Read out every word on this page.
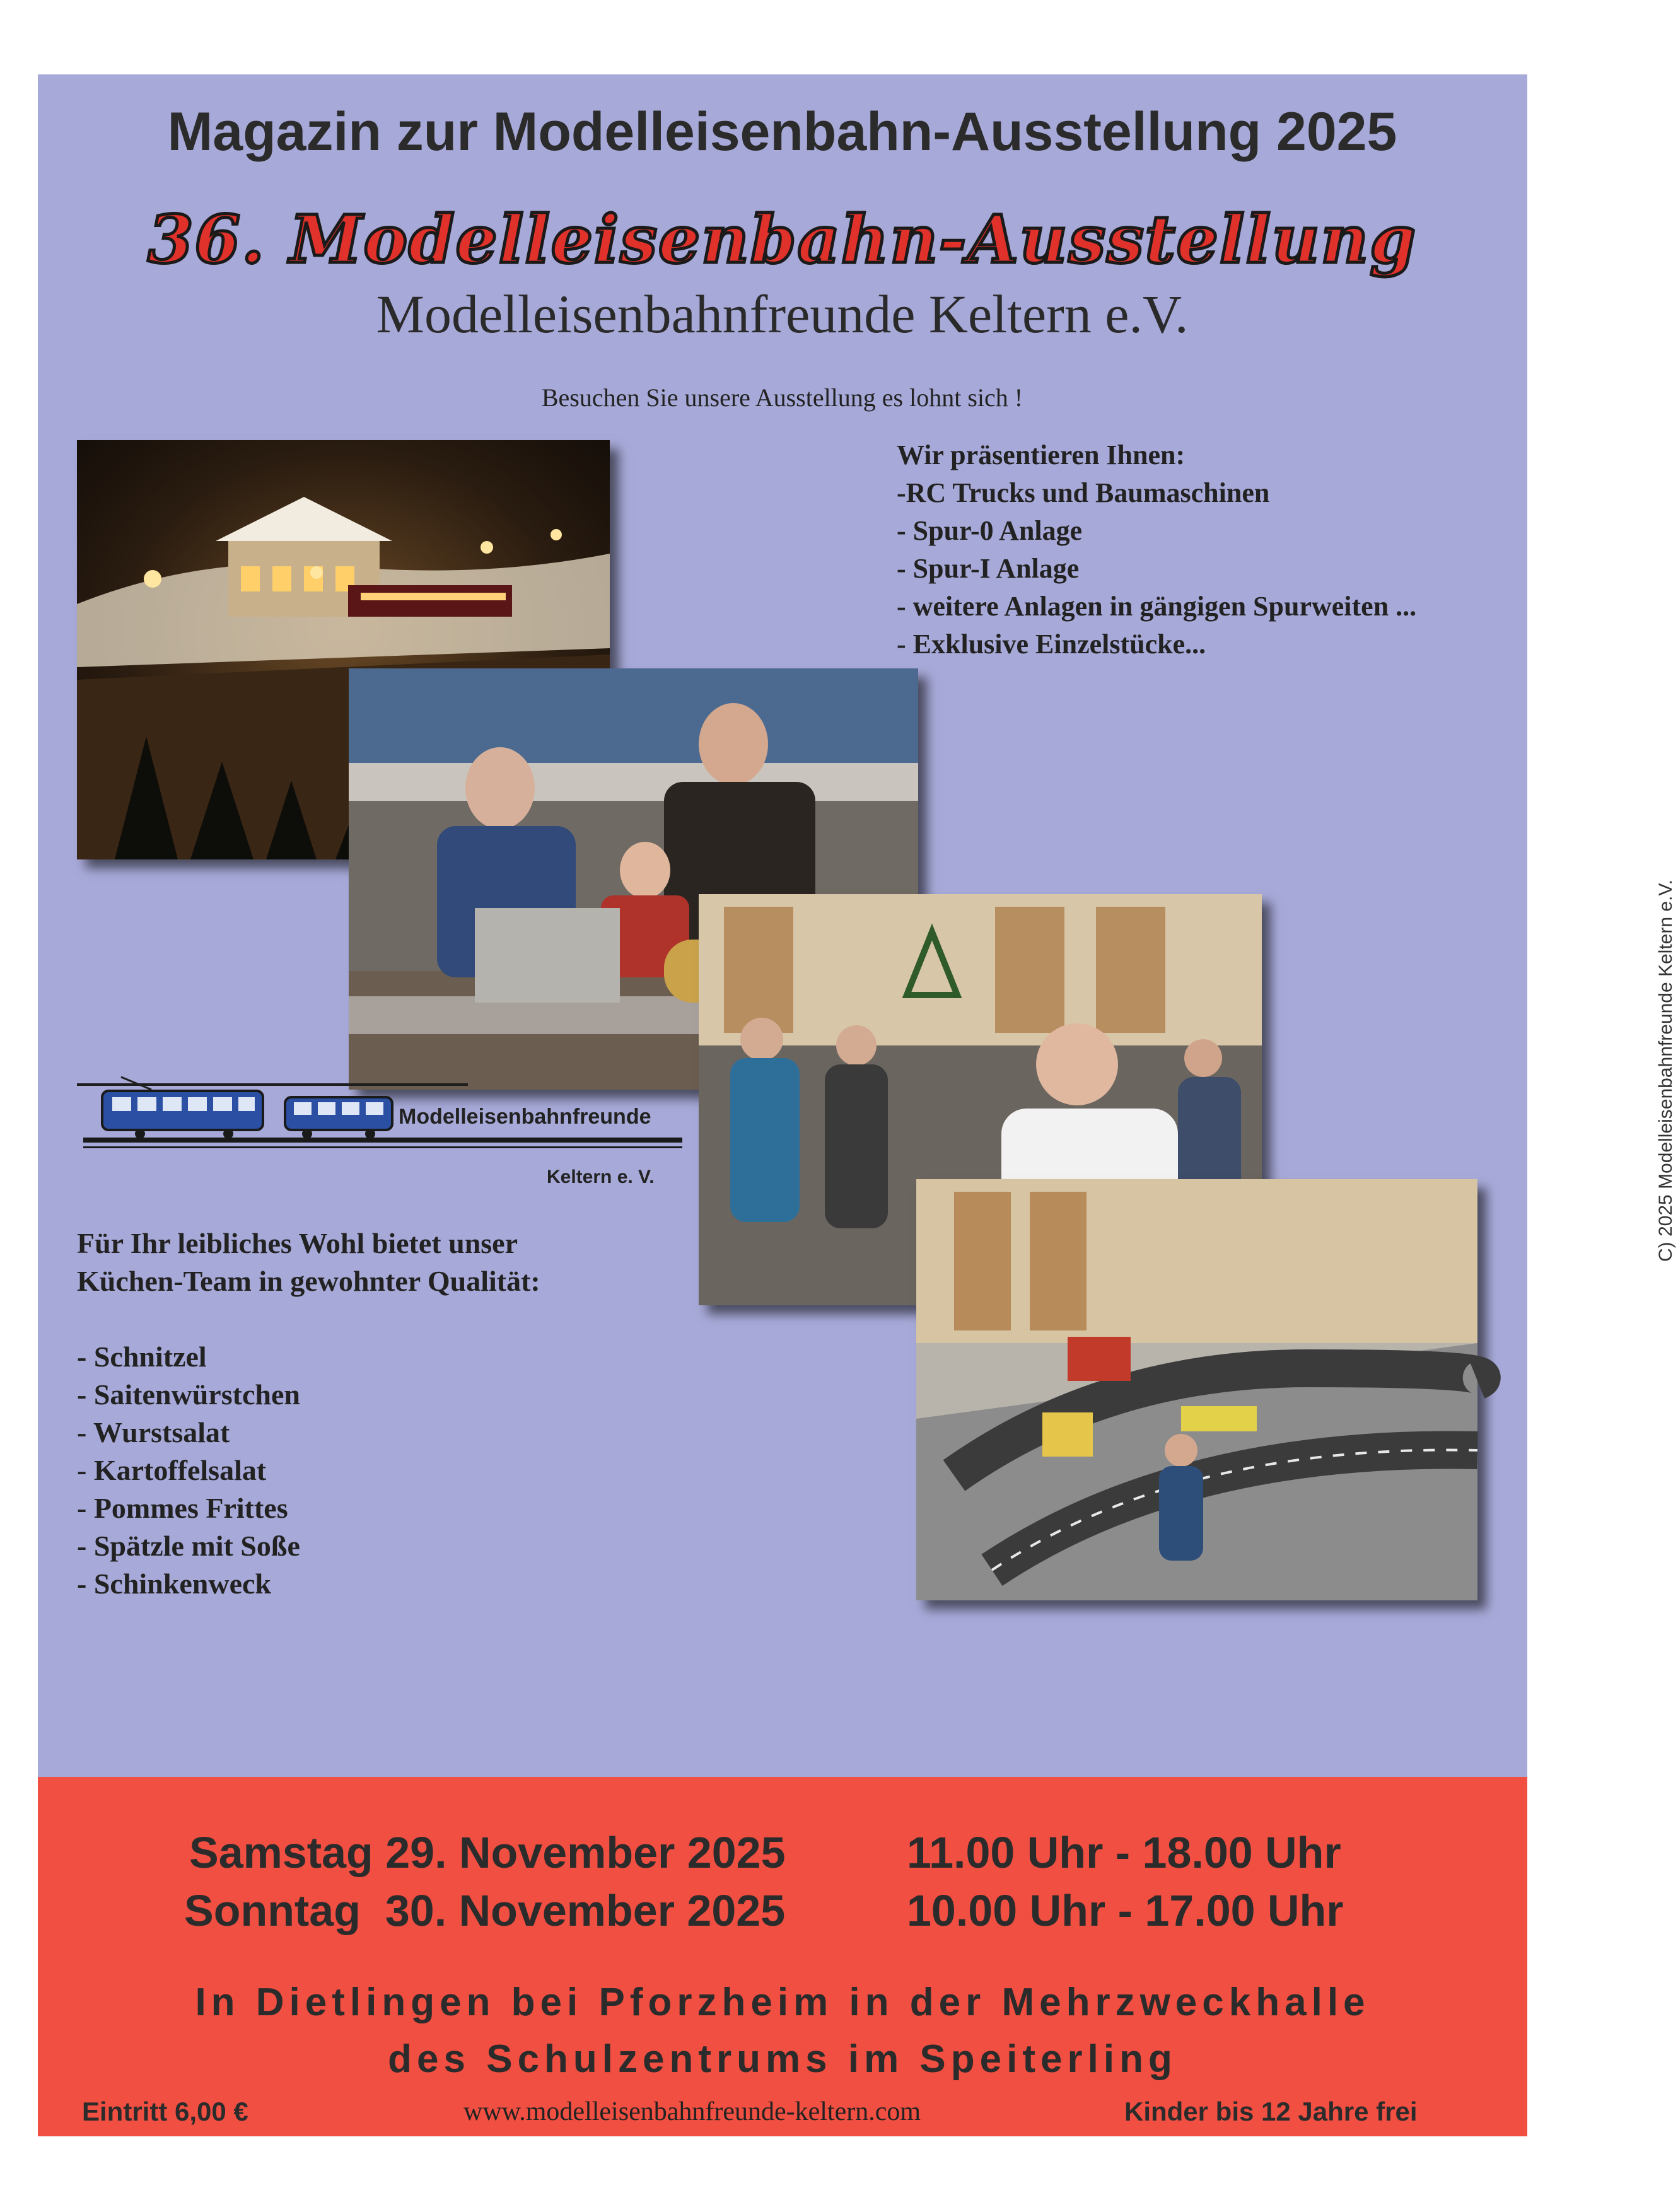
Magazin zur Modelleisenbahn-Ausstellung 2025
36. Modelleisenbahn-Ausstellung
Modelleisenbahnfreunde Keltern e.V.
Besuchen Sie unsere Ausstellung es lohnt sich !
Wir präsentieren Ihnen:
-RC Trucks und Baumaschinen
- Spur-0 Anlage
- Spur-I Anlage
- weitere Anlagen in gängigen Spurweiten ...
- Exklusive Einzelstücke...
Modelleisenbahnfreunde
Keltern e. V.
Für Ihr leibliches Wohl bietet unser
Küchen-Team in gewohnter Qualität:
- Schnitzel
- Saitenwürstchen
- Wurstsalat
- Kartoffelsalat
- Pommes Frittes
- Spätzle mit Soße
- Schinkenweck
C) 2025 Modelleisenbahnfreunde Keltern e.V.
Samstag 29. November 2025	11.00 Uhr - 18.00 Uhr
Sonntag  30. November 2025	10.00 Uhr - 17.00 Uhr
In Dietlingen bei Pforzheim in der Mehrzweckhalle
des Schulzentrums im Speiterling
Eintritt 6,00 €	www.modelleisenbahnfreunde-keltern.com	Kinder bis 12 Jahre frei
